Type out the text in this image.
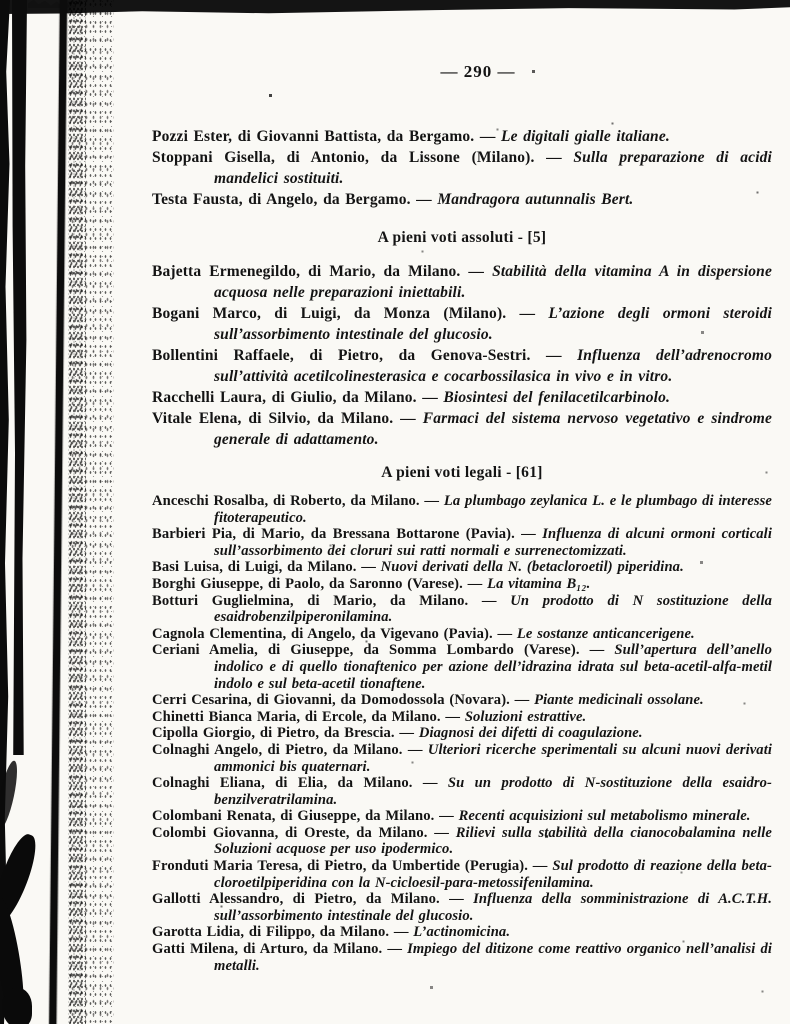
— 290 —

Pozzi Ester, di Giovanni Battista, da Bergamo. — Le digitali gialle italiane.

Stoppani Gisella, di Antonio, da Lissone (Milano). — Sulla preparazione di acidi mandelici sostituiti.

Testa Fausta, di Angelo, da Bergamo. — Mandragora autunnalis Bert.

A pieni voti assoluti - [5]

Bajetta Ermenegildo, di Mario, da Milano. — Stabilità della vitamina A in dispersione acquosa nelle preparazioni iniettabili.

Bogani Marco, di Luigi, da Monza (Milano). — L’azione degli ormoni steroidi sull’assorbimento intestinale del glucosio.

Bollentini Raffaele, di Pietro, da Genova-Sestri. — Influenza dell’adrenocromo sull’attività acetilcolinesterasica e cocarbossilasica in vivo e in vitro.

Racchelli Laura, di Giulio, da Milano. — Biosintesi del fenilacetilcarbinolo.

Vitale Elena, di Silvio, da Milano. — Farmaci del sistema nervoso vegetativo e sindrome generale di adattamento.

A pieni voti legali - [61]

Anceschi Rosalba, di Roberto, da Milano. — La plumbago zeylanica L. e le plumbago di interesse fitoterapeutico.

Barbieri Pia, di Mario, da Bressana Bottarone (Pavia). — Influenza di alcuni ormoni corticali sull’assorbimento dei cloruri sui ratti normali e surrenectomizzati.

Basi Luisa, di Luigi, da Milano. — Nuovi derivati della N. (betacloroetil) piperidina.

Borghi Giuseppe, di Paolo, da Saronno (Varese). — La vitamina B₁₂.

Botturi Guglielmina, di Mario, da Milano. — Un prodotto di N sostituzione della esaidrobenzilpiperonilamina.

Cagnola Clementina, di Angelo, da Vigevano (Pavia). — Le sostanze anticancerigene.

Ceriani Amelia, di Giuseppe, da Somma Lombardo (Varese). — Sull’apertura dell’anello indolico e di quello tionaftenico per azione dell’idrazina idrata sul beta-acetil-alfa-metil indolo e sul beta-acetil tionaftene.

Cerri Cesarina, di Giovanni, da Domodossola (Novara). — Piante medicinali ossolane.

Chinetti Bianca Maria, di Ercole, da Milano. — Soluzioni estrattive.

Cipolla Giorgio, di Pietro, da Brescia. — Diagnosi dei difetti di coagulazione.

Colnaghi Angelo, di Pietro, da Milano. — Ulteriori ricerche sperimentali su alcuni nuovi derivati ammonici bis quaternari.

Colnaghi Eliana, di Elia, da Milano. — Su un prodotto di N-sostituzione della esaidro-benzilveratrilamina.

Colombani Renata, di Giuseppe, da Milano. — Recenti acquisizioni sul metabolismo minerale.

Colombi Giovanna, di Oreste, da Milano. — Rilievi sulla stabilità della cianocobalamina nelle Soluzioni acquose per uso ipodermico.

Fronduti Maria Teresa, di Pietro, da Umbertide (Perugia). — Sul prodotto di reazione della beta-cloroetilpiperidina con la N-cicloesil-para-metossifenilamina.

Gallotti Alessandro, di Pietro, da Milano. — Influenza della somministrazione di A.C.T.H. sull’assorbimento intestinale del glucosio.

Garotta Lidia, di Filippo, da Milano. — L’actinomicina.

Gatti Milena, di Arturo, da Milano. — Impiego del ditizone come reattivo organico nell’analisi di metalli.
